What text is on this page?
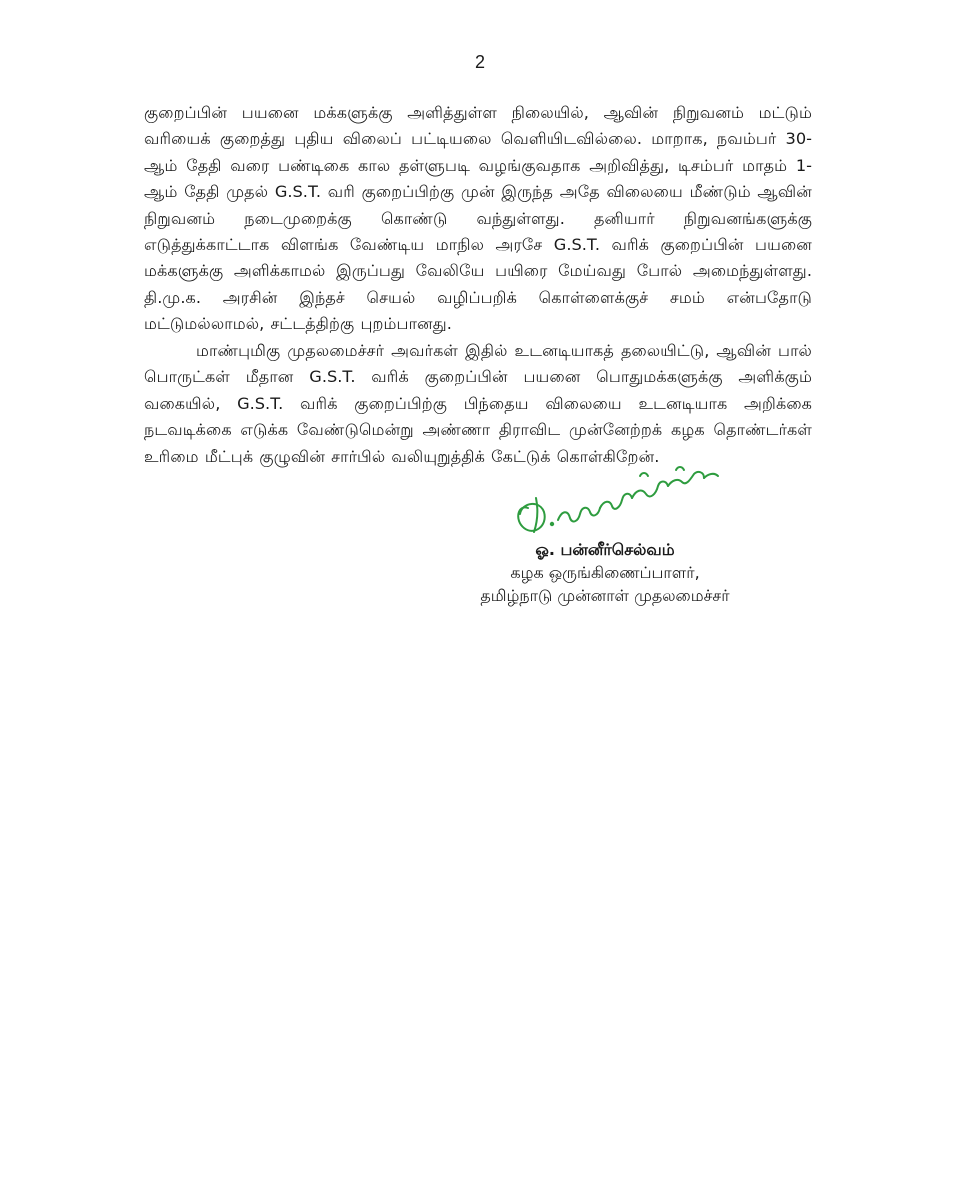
2

குறைப்பின் பயனை மக்களுக்கு அளித்துள்ள நிலையில், ஆவின் நிறுவனம் மட்டும் வரியைக் குறைத்து புதிய விலைப் பட்டியலை வெளியிடவில்லை. மாறாக, நவம்பர் 30-ஆம் தேதி வரை பண்டிகை கால தள்ளுபடி வழங்குவதாக அறிவித்து, டிசம்பர் மாதம் 1-ஆம் தேதி முதல் G.S.T. வரி குறைப்பிற்கு முன் இருந்த அதே விலையை மீண்டும் ஆவின் நிறுவனம் நடைமுறைக்கு கொண்டு வந்துள்ளது. தனியார் நிறுவனங்களுக்கு எடுத்துக்காட்டாக விளங்க வேண்டிய மாநில அரசே G.S.T. வரிக் குறைப்பின் பயனை மக்களுக்கு அளிக்காமல் இருப்பது வேலியே பயிரை மேய்வது போல் அமைந்துள்ளது. தி.மு.க. அரசின் இந்தச் செயல் வழிப்பறிக் கொள்ளைக்குச் சமம் என்பதோடு மட்டுமல்லாமல், சட்டத்திற்கு புறம்பானது.

மாண்புமிகு முதலமைச்சர் அவர்கள் இதில் உடனடியாகத் தலையிட்டு, ஆவின் பால் பொருட்கள் மீதான G.S.T. வரிக் குறைப்பின் பயனை பொதுமக்களுக்கு அளிக்கும் வகையில், G.S.T. வரிக் குறைப்பிற்கு பிந்தைய விலையை உடனடியாக அறிக்கை நடவடிக்கை எடுக்க வேண்டுமென்று அண்ணா திராவிட முன்னேற்றக் கழக தொண்டர்கள் உரிமை மீட்புக் குழுவின் சார்பில் வலியுறுத்திக் கேட்டுக் கொள்கிறேன்.

ஓ. பன்னீர்செல்வம்
கழக ஒருங்கிணைப்பாளர்,
தமிழ்நாடு முன்னாள் முதலமைச்சர்
